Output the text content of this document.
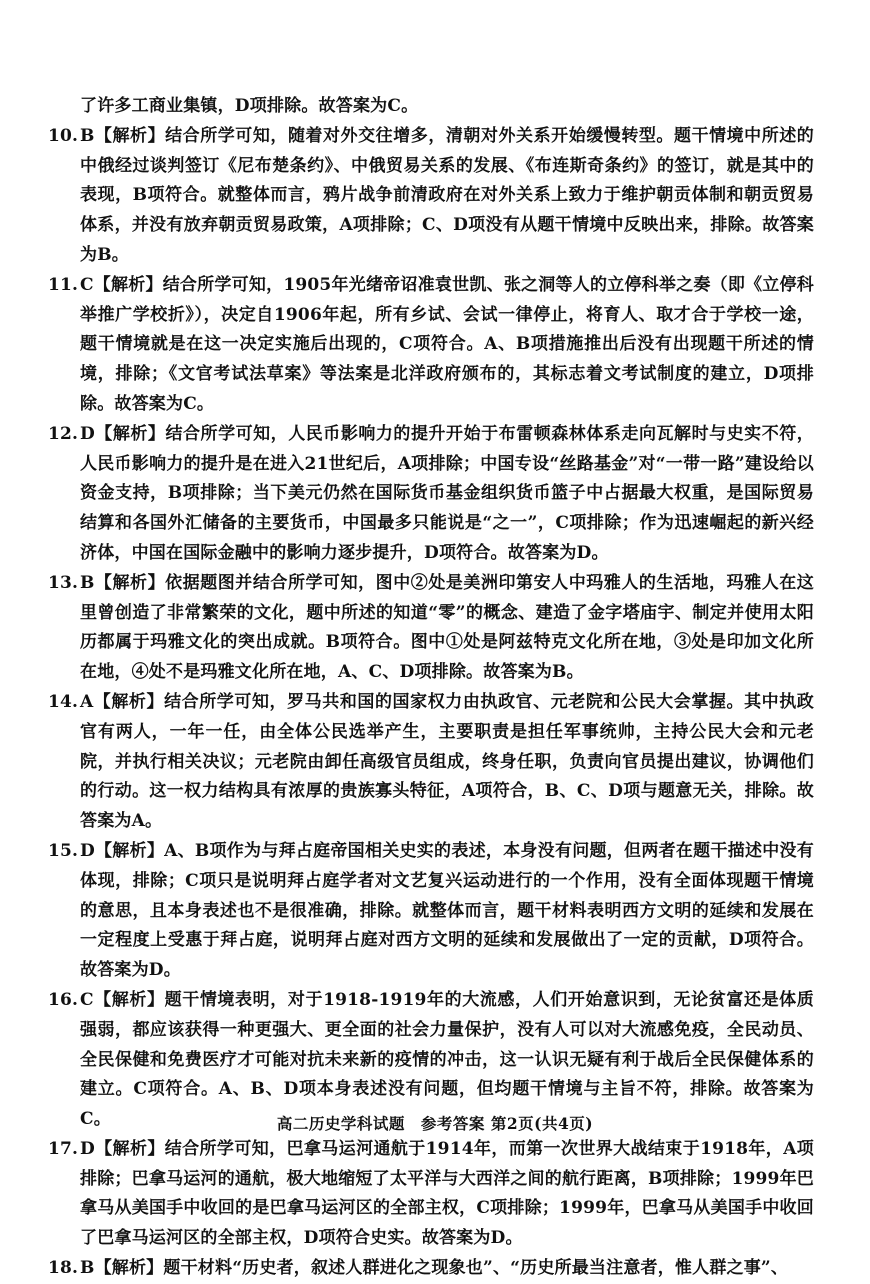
了许多工商业集镇，D项排除。故答案为C。
10. B【解析】结合所学可知，随着对外交往增多，清朝对外关系开始缓慢转型。题干情境中所述的中俄经过谈判签订《尼布楚条约》、中俄贸易关系的发展、《布连斯奇条约》的签订，就是其中的表现，B项符合。就整体而言，鸦片战争前清政府在对外关系上致力于维护朝贡体制和朝贡贸易体系，并没有放弃朝贡贸易政策，A项排除；C、D项没有从题干情境中反映出来，排除。故答案为B。
11. C【解析】结合所学可知，1905年光绪帝诏准袁世凯、张之洞等人的立停科举之奏（即《立停科举推广学校折》），决定自1906年起，所有乡试、会试一律停止，将育人、取才合于学校一途，题干情境就是在这一决定实施后出现的，C项符合。A、B项措施推出后没有出现题干所述的情境，排除；《文官考试法草案》等法案是北洋政府颁布的，其标志着文考试制度的建立，D项排除。故答案为C。
12. D【解析】结合所学可知，人民币影响力的提升开始于布雷顿森林体系走向瓦解时与史实不符，人民币影响力的提升是在进入21世纪后，A项排除；中国专设“丝路基金”对“一带一路”建设给以资金支持，B项排除；当下美元仍然在国际货币基金组织货币篮子中占据最大权重，是国际贸易结算和各国外汇储备的主要货币，中国最多只能说是“之一”，C项排除；作为迅速崛起的新兴经济体，中国在国际金融中的影响力逐步提升，D项符合。故答案为D。
13. B【解析】依据题图并结合所学可知，图中②处是美洲印第安人中玛雅人的生活地，玛雅人在这里曾创造了非常繁荣的文化，题中所述的知道“零”的概念、建造了金字塔庙宇、制定并使用太阳历都属于玛雅文化的突出成就。B项符合。图中①处是阿兹特克文化所在地，③处是印加文化所在地，④处不是玛雅文化所在地，A、C、D项排除。故答案为B。
14. A【解析】结合所学可知，罗马共和国的国家权力由执政官、元老院和公民大会掌握。其中执政官有两人，一年一任，由全体公民选举产生，主要职责是担任军事统帅，主持公民大会和元老院，并执行相关决议；元老院由卸任高级官员组成，终身任职，负责向官员提出建议，协调他们的行动。这一权力结构具有浓厚的贵族寡头特征，A项符合，B、C、D项与题意无关，排除。故答案为A。
15. D【解析】A、B项作为与拜占庭帝国相关史实的表述，本身没有问题，但两者在题干描述中没有体现，排除；C项只是说明拜占庭学者对文艺复兴运动进行的一个作用，没有全面体现题干情境的意思，且本身表述也不是很准确，排除。就整体而言，题干材料表明西方文明的延续和发展在一定程度上受惠于拜占庭，说明拜占庭对西方文明的延续和发展做出了一定的贡献，D项符合。故答案为D。
16. C【解析】题干情境表明，对于1918-1919年的大流感，人们开始意识到，无论贫富还是体质强弱，都应该获得一种更强大、更全面的社会力量保护，没有人可以对大流感免疫，全民动员、全民保健和免费医疗才可能对抗未来新的疫情的冲击，这一认识无疑有利于战后全民保健体系的建立。C项符合。A、B、D项本身表述没有问题，但均题干情境与主旨不符，排除。故答案为C。
17. D【解析】结合所学可知，巴拿马运河通航于1914年，而第一次世界大战结束于1918年，A项排除；巴拿马运河的通航，极大地缩短了太平洋与大西洋之间的航行距离，B项排除；1999年巴拿马从美国手中收回的是巴拿马运河区的全部主权，C项排除；1999年，巴拿马从美国手中收回了巴拿马运河区的全部主权，D项符合史实。故答案为D。
18. B【解析】题干材料“历史者，叙述人群进化之现象也”、“历史所最当注意者，惟人群之事”、
高二历史学科试题　参考答案 第2页(共4页)
